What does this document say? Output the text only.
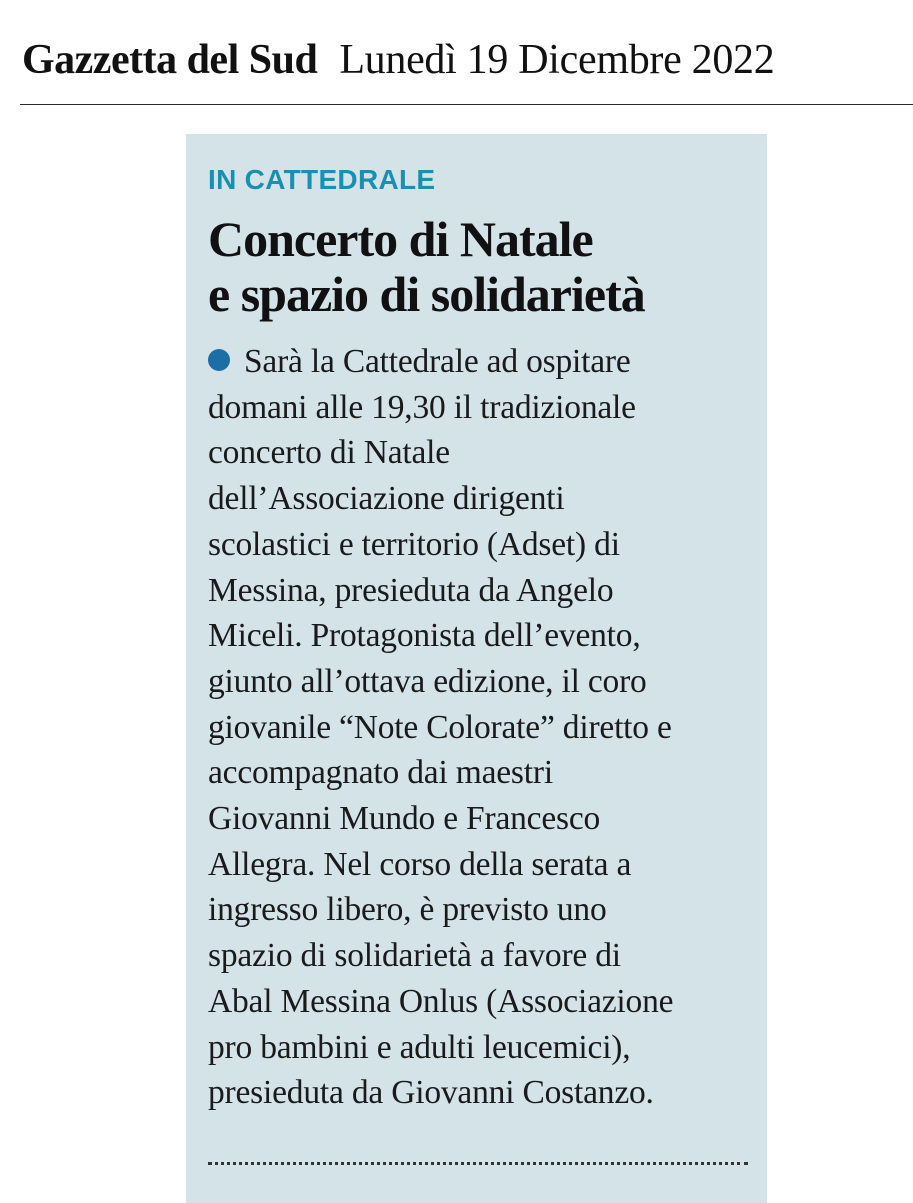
Gazzetta del Sud Lunedì 19 Dicembre 2022
IN CATTEDRALE
Concerto di Natale
e spazio di solidarietà
Sarà la Cattedrale ad ospitare
domani alle 19,30 il tradizionale
concerto di Natale
dell’Associazione dirigenti
scolastici e territorio (Adset) di
Messina, presieduta da Angelo
Miceli. Protagonista dell’evento,
giunto all’ottava edizione, il coro
giovanile “Note Colorate” diretto e
accompagnato dai maestri
Giovanni Mundo e Francesco
Allegra. Nel corso della serata a
ingresso libero, è previsto uno
spazio di solidarietà a favore di
Abal Messina Onlus (Associazione
pro bambini e adulti leucemici),
presieduta da Giovanni Costanzo.
